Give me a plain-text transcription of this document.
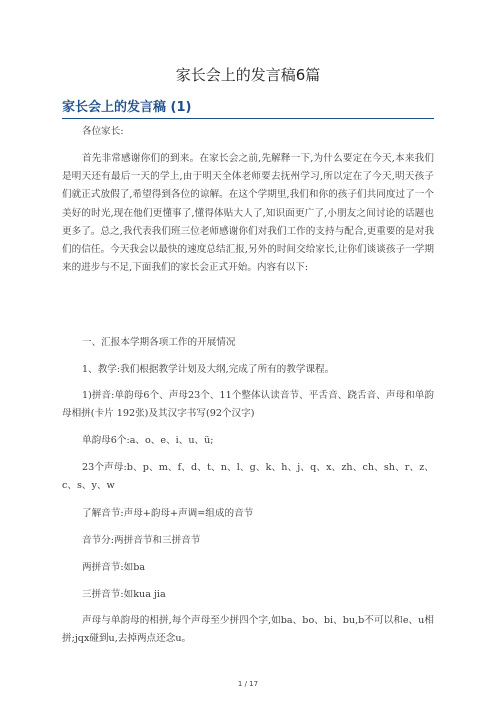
家长会上的发言稿6篇
家长会上的发言稿 (1)

各位家长:

首先非常感谢你们的到来。在家长会之前,先解释一下,为什么要定在今天,本来我们是明天还有最后一天的学上,由于明天全体老师要去抚州学习,所以定在了今天,明天孩子们就正式放假了,希望得到各位的谅解。在这个学期里,我们和你的孩子们共同度过了一个美好的时光,现在他们更懂事了,懂得体贴大人了,知识面更广了,小朋友之间讨论的话题也更多了。总之,我代表我们班三位老师感谢你们对我们工作的支持与配合,更重要的是对我们的信任。今天我会以最快的速度总结汇报,另外的时间交给家长,让你们谈谈孩子一学期来的进步与不足,下面我们的家长会正式开始。内容有以下:

一、汇报本学期各项工作的开展情况

1、教学:我们根据教学计划及大纲,完成了所有的教学课程。

1)拼音:单韵母6个、声母23个、11个整体认读音节、平舌音、跷舌音、声母和单韵母相拼(卡片 192张)及其汉字书写(92个汉字)

单韵母6个:a、o、e、i、u、ü;

23个声母:b、p、m、f、d、t、n、l、g、k、h、j、q、x、zh、ch、sh、r、z、c、s、y、w

了解音节:声母+韵母+声调=组成的音节

音节分:两拼音节和三拼音节

两拼音节:如ba

三拼音节:如kua jia

声母与单韵母的相拼,每个声母至少拼四个字,如ba、bo、bi、bu,b不可以和e、u相拼;jqx碰到u,去掉两点还念u。

1 / 17
